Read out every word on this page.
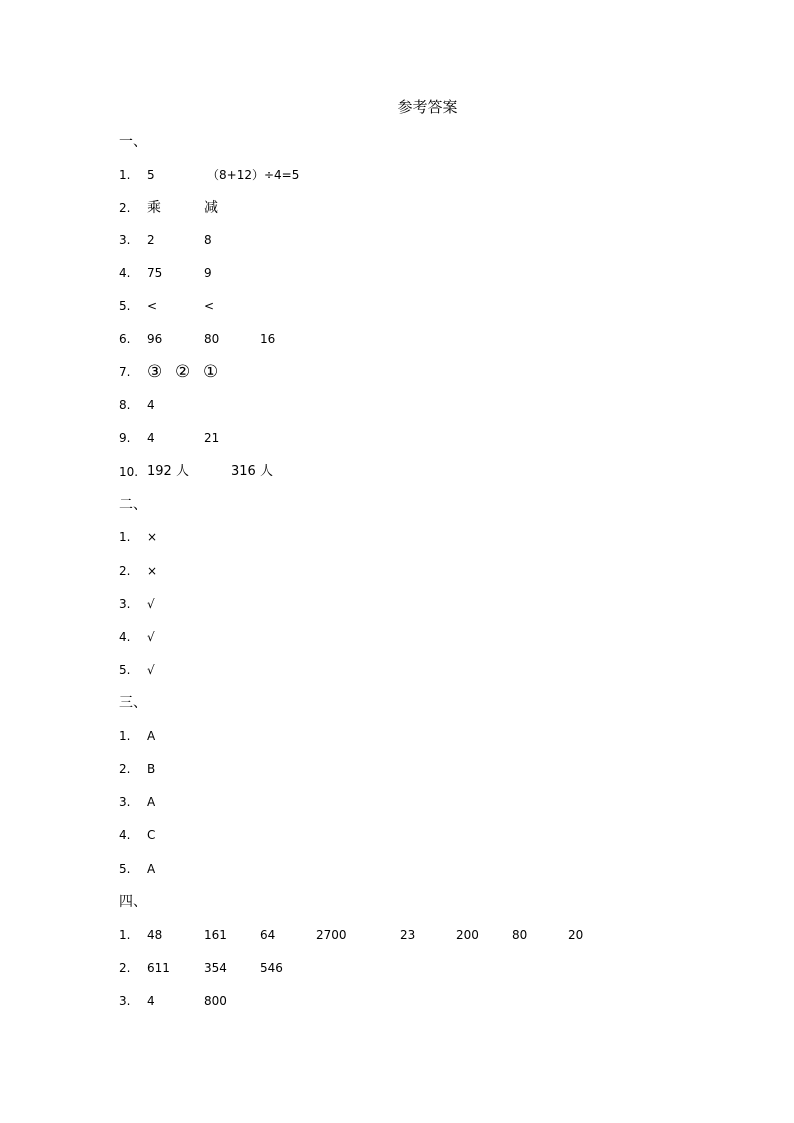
参考答案
一、
1. 5	（8+12）÷4=5
2. 乘	减
3. 2	8
4. 75	9
5. <	<
6. 96	80	16
7. ③ ② ①
8. 4
9. 4	21
10. 192 人	316 人
二、
1. ×
2. ×
3. √
4. √
5. √
三、
1. A
2. B
3. A
4. C
5. A
四、
1. 48	161	64	2700	23	200	80	20
2. 611	354	546
3. 4	800
